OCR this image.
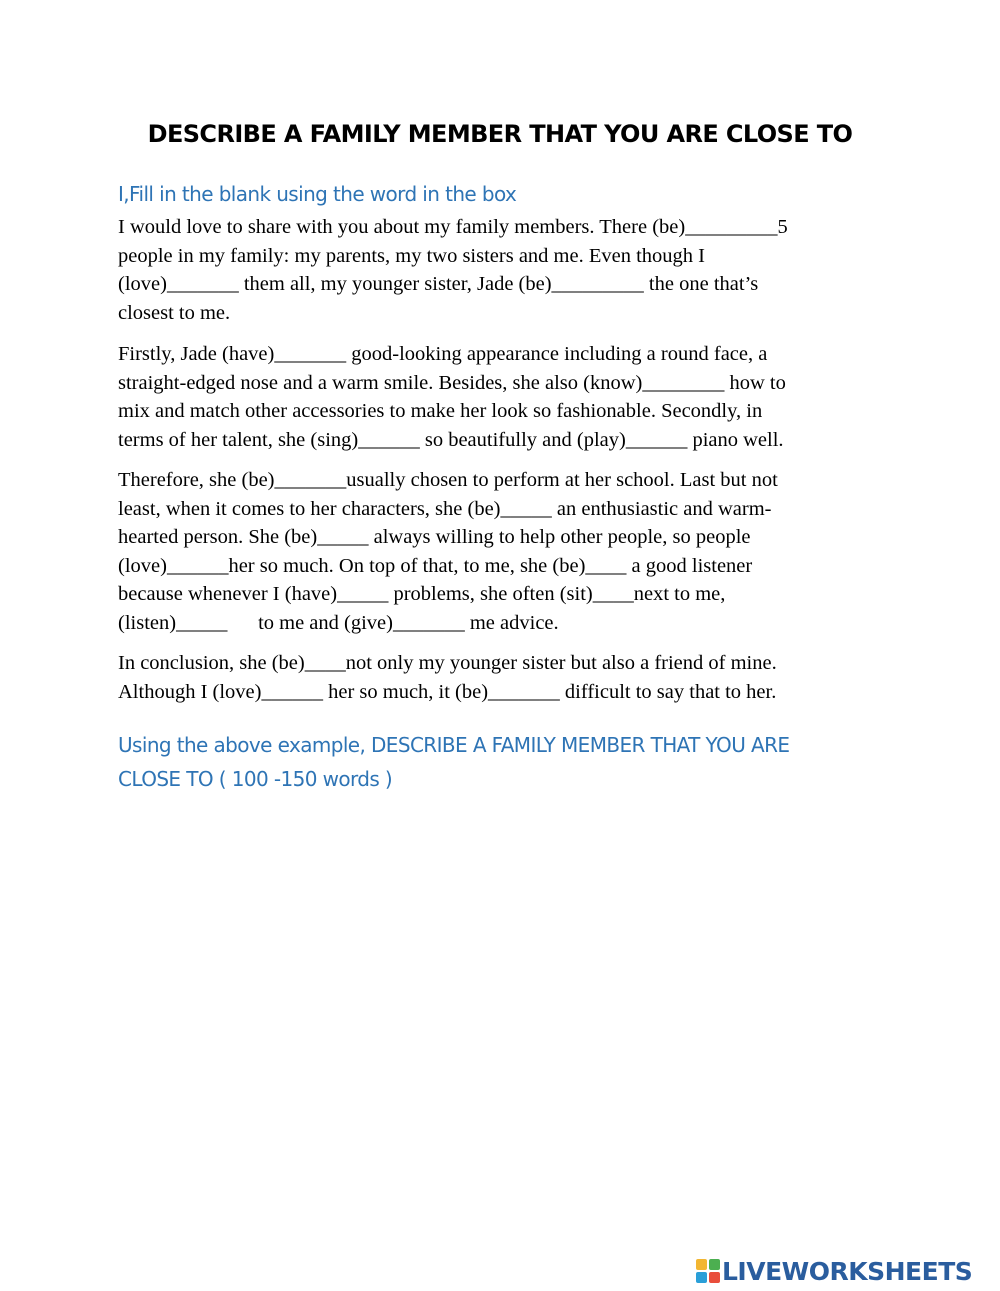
DESCRIBE A FAMILY MEMBER THAT YOU ARE CLOSE TO
I,Fill in the blank using the word in the box
I would love to share with you about my family members. There (be)_________5
people in my family: my parents, my two sisters and me. Even though I
(love)_______ them all, my younger sister, Jade (be)_________ the one that’s
closest to me.
Firstly, Jade (have)_______ good-looking appearance including a round face, a
straight-edged nose and a warm smile. Besides, she also (know)________ how to
mix and match other accessories to make her look so fashionable. Secondly, in
terms of her talent, she (sing)______ so beautifully and (play)______ piano well.
Therefore, she (be)_______usually chosen to perform at her school. Last but not
least, when it comes to her characters, she (be)_____ an enthusiastic and warm-
hearted person. She (be)_____ always willing to help other people, so people
(love)______her so much. On top of that, to me, she (be)____ a good listener
because whenever I (have)_____ problems, she often (sit)____next to me,
(listen)_____      to me and (give)_______ me advice.
In conclusion, she (be)____not only my younger sister but also a friend of mine.
Although I (love)______ her so much, it (be)_______ difficult to say that to her.
Using the above example, DESCRIBE A FAMILY MEMBER THAT YOU ARE
CLOSE TO ( 100 -150 words )
LIVEWORKSHEETS
